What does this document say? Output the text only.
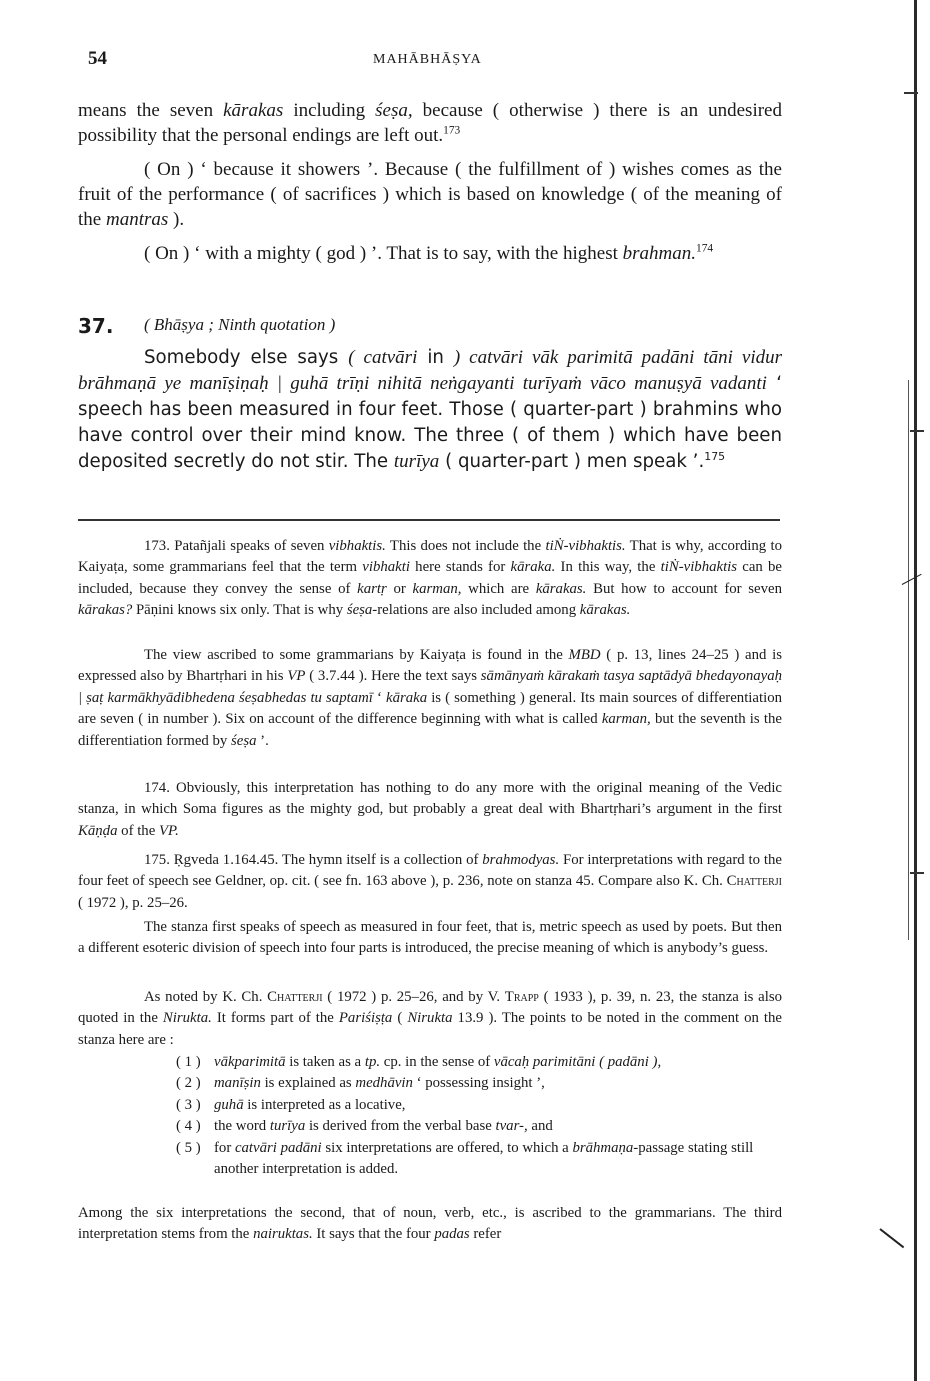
54	MAHĀBHĀṢYA

means the seven kārakas including śeṣa, because ( otherwise ) there is an undesired possibility that the personal endings are left out.$^{173}$

( On ) ‘ because it showers ’. Because ( the fulfillment of ) wishes comes as the fruit of the performance ( of sacrifices ) which is based on knowledge ( of the meaning of the mantras ).

( On ) ‘ with a mighty ( god ) ’. That is to say, with the highest brahman.$^{174}$

37. ( Bhāṣya ; Ninth quotation )

Somebody else says ( catvāri in ) catvāri vāk parimitā padāni tāni vidur brāhmaṇā ye manīṣiṇaḥ | guhā trīṇi nihitā neṅgayanti turīyaṁ vāco manuṣyā vadanti ‘ speech has been measured in four feet. Those ( quarter-part ) brahmins who have control over their mind know. The three ( of them ) which have been deposited secretly do not stir. The turīya ( quarter-part ) men speak ’.$^{175}$

173. Patañjali speaks of seven vibhaktis. This does not include the tiṄ-vibhaktis. That is why, according to Kaiyaṭa, some grammarians feel that the term vibhakti here stands for kāraka. In this way, the tiṄ-vibhaktis can be included, because they convey the sense of kartṛ or karman, which are kārakas. But how to account for seven kārakas? Pāṇini knows six only. That is why śeṣa-relations are also included among kārakas.

The view ascribed to some grammarians by Kaiyaṭa is found in the MBD ( p. 13, lines 24–25 ) and is expressed also by Bhartṛhari in his VP ( 3.7.44 ). Here the text says sāmānyaṁ kārakaṁ tasya saptādyā bhedayonayaḥ | ṣaṭ karmākhyādibhedena śeṣabhedas tu saptamī ‘ kāraka is ( something ) general. Its main sources of differentiation are seven ( in number ). Six on account of the difference beginning with what is called karman, but the seventh is the differentiation formed by śeṣa ’.

174. Obviously, this interpretation has nothing to do any more with the original meaning of the Vedic stanza, in which Soma figures as the mighty god, but probably a great deal with Bhartṛhari’s argument in the first Kāṇḍa of the VP.

175. Ṛgveda 1.164.45. The hymn itself is a collection of brahmodyas. For interpretations with regard to the four feet of speech see Geldner, op. cit. ( see fn. 163 above ), p. 236, note on stanza 45. Compare also K. Ch. Chatterji ( 1972 ), p. 25–26.

The stanza first speaks of speech as measured in four feet, that is, metric speech as used by poets. But then a different esoteric division of speech into four parts is introduced, the precise meaning of which is anybody’s guess.

As noted by K. Ch. Chatterji ( 1972 ) p. 25–26, and by V. Trapp ( 1933 ), p. 39, n. 23, the stanza is also quoted in the Nirukta. It forms part of the Pariśiṣṭa ( Nirukta 13.9 ). The points to be noted in the comment on the stanza here are :

( 1 ) vākparimitā is taken as a tp. cp. in the sense of vācaḥ parimitāni ( padāni ),
( 2 ) manīṣin is explained as medhāvin ‘ possessing insight ’,
( 3 ) guhā is interpreted as a locative,
( 4 ) the word turīya is derived from the verbal base tvar-, and
( 5 ) for catvāri padāni six interpretations are offered, to which a brāhmaṇa-passage stating still another interpretation is added.

Among the six interpretations the second, that of noun, verb, etc., is ascribed to the grammarians. The third interpretation stems from the nairuktas. It says that the four padas refer
